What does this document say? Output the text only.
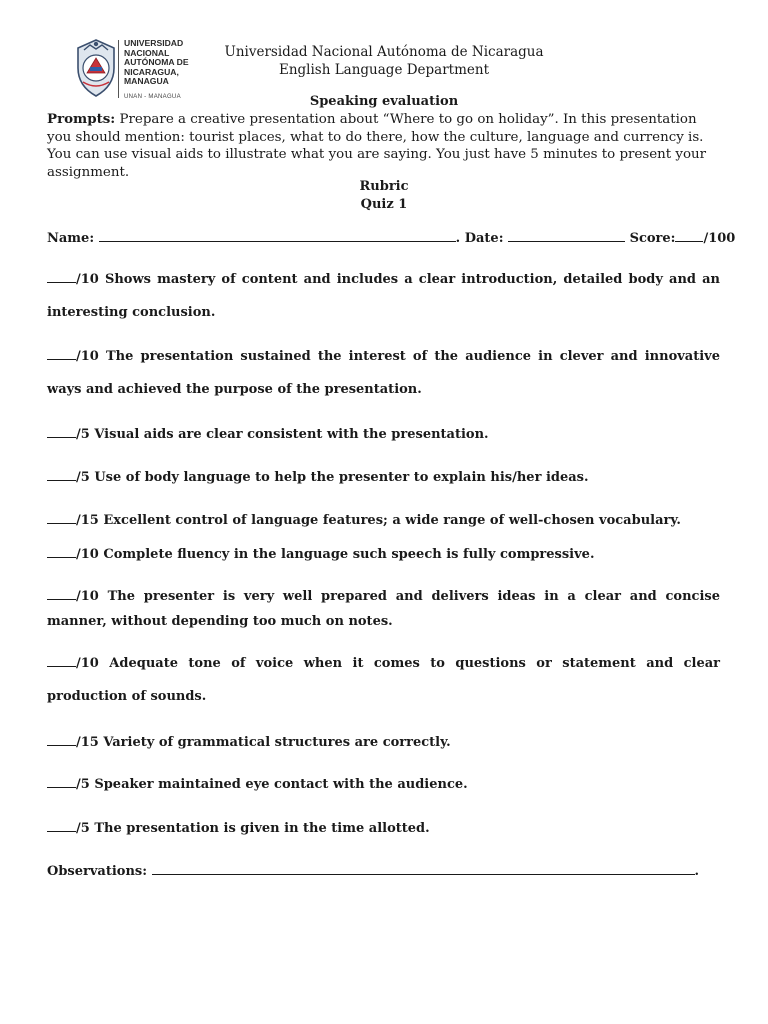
UNIVERSIDAD
NACIONAL
AUTÓNOMA DE
NICARAGUA,
MANAGUA
UNAN - MANAGUA
Universidad Nacional Autónoma de Nicaragua
English Language Department
Speaking evaluation
Prompts: Prepare a creative presentation about “Where to go on holiday”. In this presentation you should mention: tourist places, what to do there, how the culture, language and currency is. You can use visual aids to illustrate what you are saying. You just have 5 minutes to present your assignment.
Rubric
Quiz 1
Name:	. Date:	Score: /100
/10 Shows mastery of content and includes a clear introduction, detailed body and an interesting conclusion.
/10 The presentation sustained the interest of the audience in clever and innovative ways and achieved the purpose of the presentation.
/5 Visual aids are clear consistent with the presentation.
/5 Use of body language to help the presenter to explain his/her ideas.
/15 Excellent control of language features; a wide range of well-chosen vocabulary.
/10 Complete fluency in the language such speech is fully compressive.
/10 The presenter is very well prepared and delivers ideas in a clear and concise manner, without depending too much on notes.
/10 Adequate tone of voice when it comes to questions or statement and clear production of sounds.
/15 Variety of grammatical structures are correctly.
/5 Speaker maintained eye contact with the audience.
/5 The presentation is given in the time allotted.
Observations:	.
